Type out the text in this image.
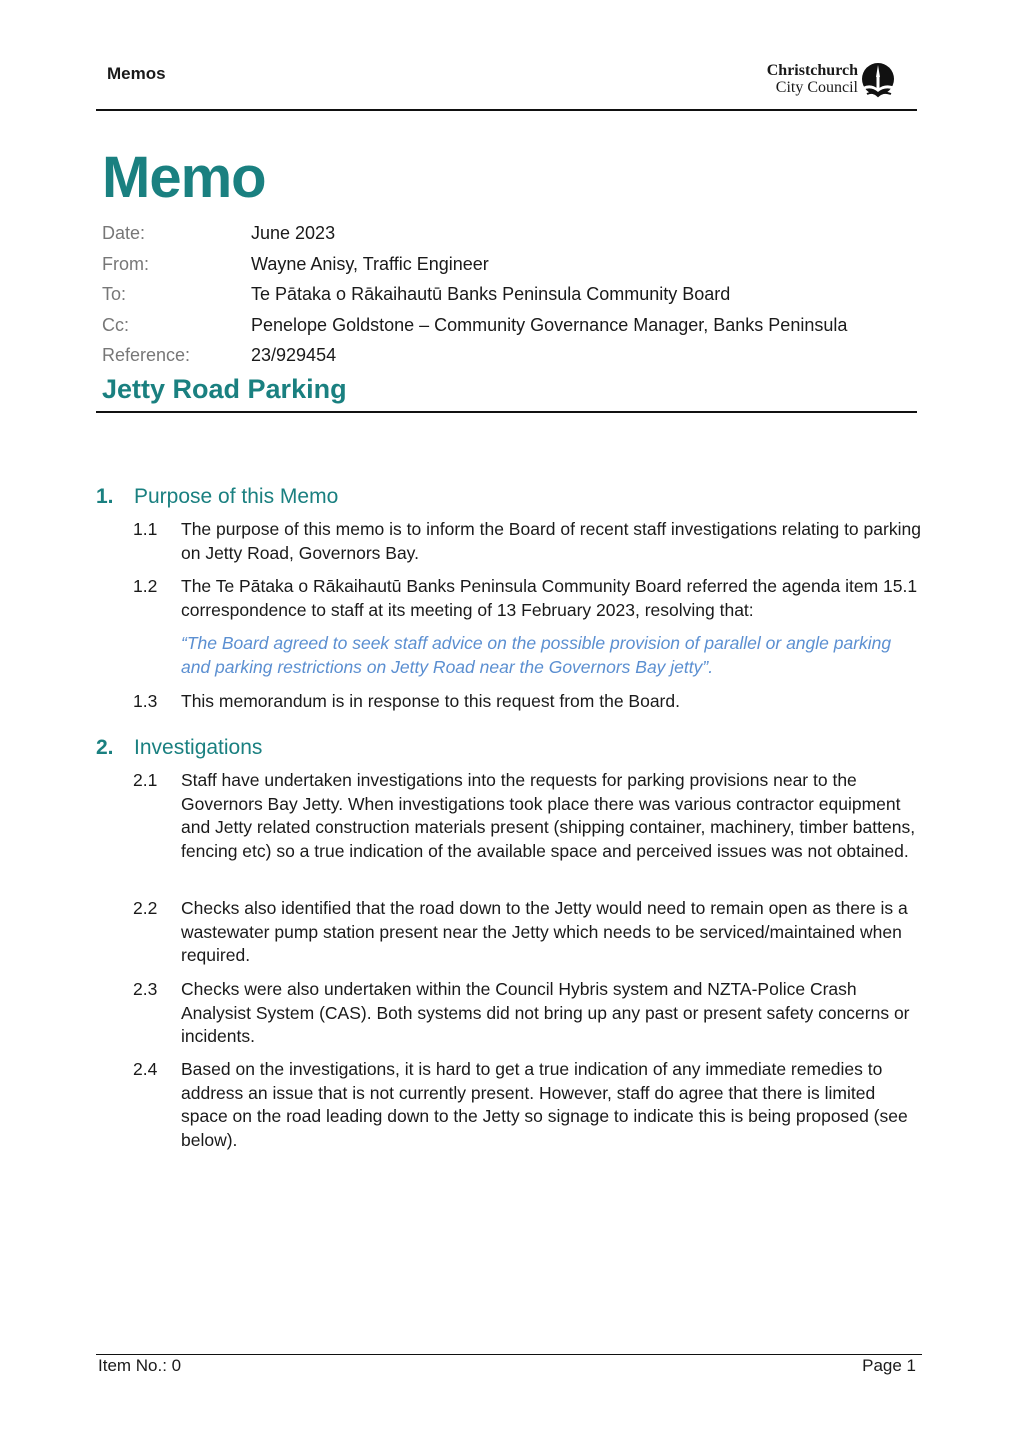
Memos	Christchurch
City Council
Memo
Date:	June 2023
From:	Wayne Anisy, Traffic Engineer
To:	Te Pātaka o Rākaihautū Banks Peninsula Community Board
Cc:	Penelope Goldstone – Community Governance Manager, Banks Peninsula
Reference:	23/929454
Jetty Road Parking
1. Purpose of this Memo
1.1	The purpose of this memo is to inform the Board of recent staff investigations relating to parking on Jetty Road, Governors Bay.
1.2	The Te Pātaka o Rākaihautū Banks Peninsula Community Board referred the agenda item 15.1 correspondence to staff at its meeting of 13 February 2023, resolving that:
“The Board agreed to seek staff advice on the possible provision of parallel or angle parking and parking restrictions on Jetty Road near the Governors Bay jetty”.
1.3	This memorandum is in response to this request from the Board.
2. Investigations
2.1	Staff have undertaken investigations into the requests for parking provisions near to the Governors Bay Jetty. When investigations took place there was various contractor equipment and Jetty related construction materials present (shipping container, machinery, timber battens, fencing etc) so a true indication of the available space and perceived issues was not obtained.
2.2	Checks also identified that the road down to the Jetty would need to remain open as there is a wastewater pump station present near the Jetty which needs to be serviced/maintained when required.
2.3	Checks were also undertaken within the Council Hybris system and NZTA-Police Crash Analysist System (CAS). Both systems did not bring up any past or present safety concerns or incidents.
2.4	Based on the investigations, it is hard to get a true indication of any immediate remedies to address an issue that is not currently present. However, staff do agree that there is limited space on the road leading down to the Jetty so signage to indicate this is being proposed (see below).
Item No.: 0	Page 1
